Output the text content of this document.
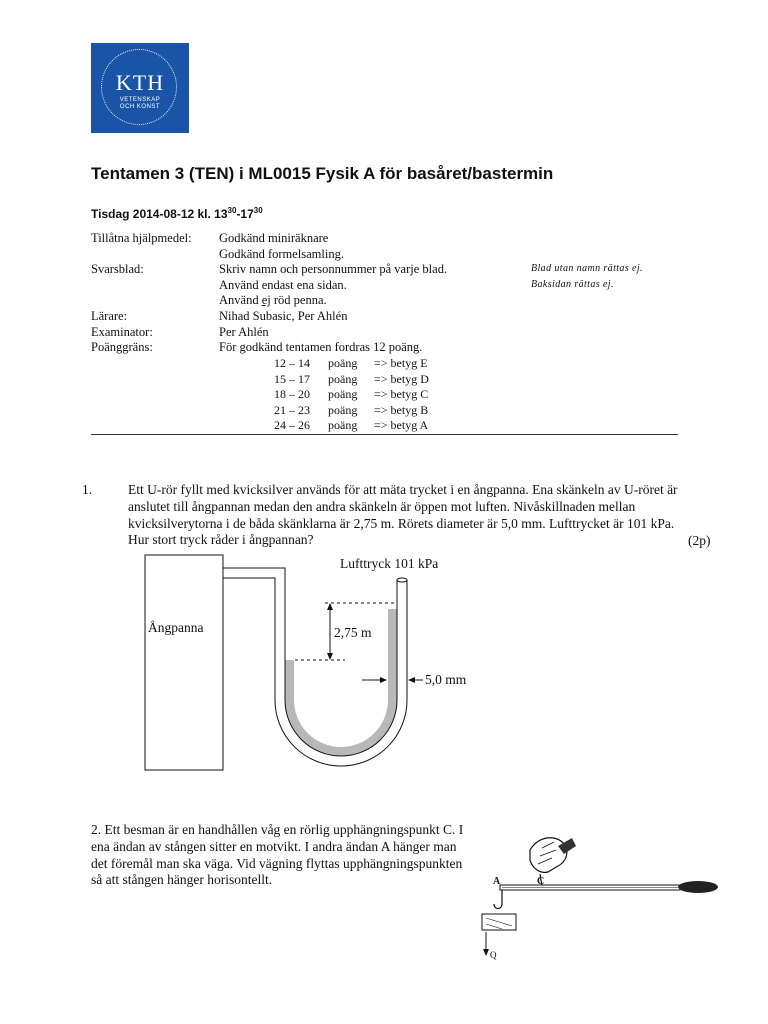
KTH
VETENSKAP
OCH KONST
Tentamen 3 (TEN) i ML0015 Fysik A för basåret/bastermin
Tisdag 2014-08-12 kl. $13^{30}-17^{30}$
Tillåtna hjälpmedel: Godkänd miniräknare
Godkänd formelsamling.
Svarsblad:	Skriv namn och personnummer på varje blad.
Använd endast ena sidan.
Använd ej röd penna.
Blad utan namn rättas ej.
Baksidan rättas ej.
Lärare:	Nihad Subasic, Per Ahlén
Examinator:	Per Ahlén
Poänggräns:	För godkänd tentamen fordras 12 poäng.
12 – 14 poäng => betyg E
15 – 17 poäng => betyg D
18 – 20 poäng => betyg C
21 – 23 poäng => betyg B
24 – 26 poäng => betyg A
1.	Ett U-rör fyllt med kvicksilver används för att mäta trycket i en ångpanna. Ena skänkeln av U-röret är anslutet till ångpannan medan den andra skänkeln är öppen mot luften. Nivåskillnaden mellan kvicksilverytorna i de båda skänklarna är 2,75 m. Rörets diameter är 5,0 mm. Lufttrycket är 101 kPa. Hur stort tryck råder i ångpannan?	(2p)
Ångpanna
Lufttryck 101 kPa
2,75 m
5,0 mm
2. Ett besman är en handhållen våg en rörlig upphängningspunkt C. I ena ändan av stången sitter en motvikt. I andra ändan A hänger man det föremål man ska väga. Vid vägning flyttas upphängningspunkten så att stången hänger horisontellt.	A	C
Q
